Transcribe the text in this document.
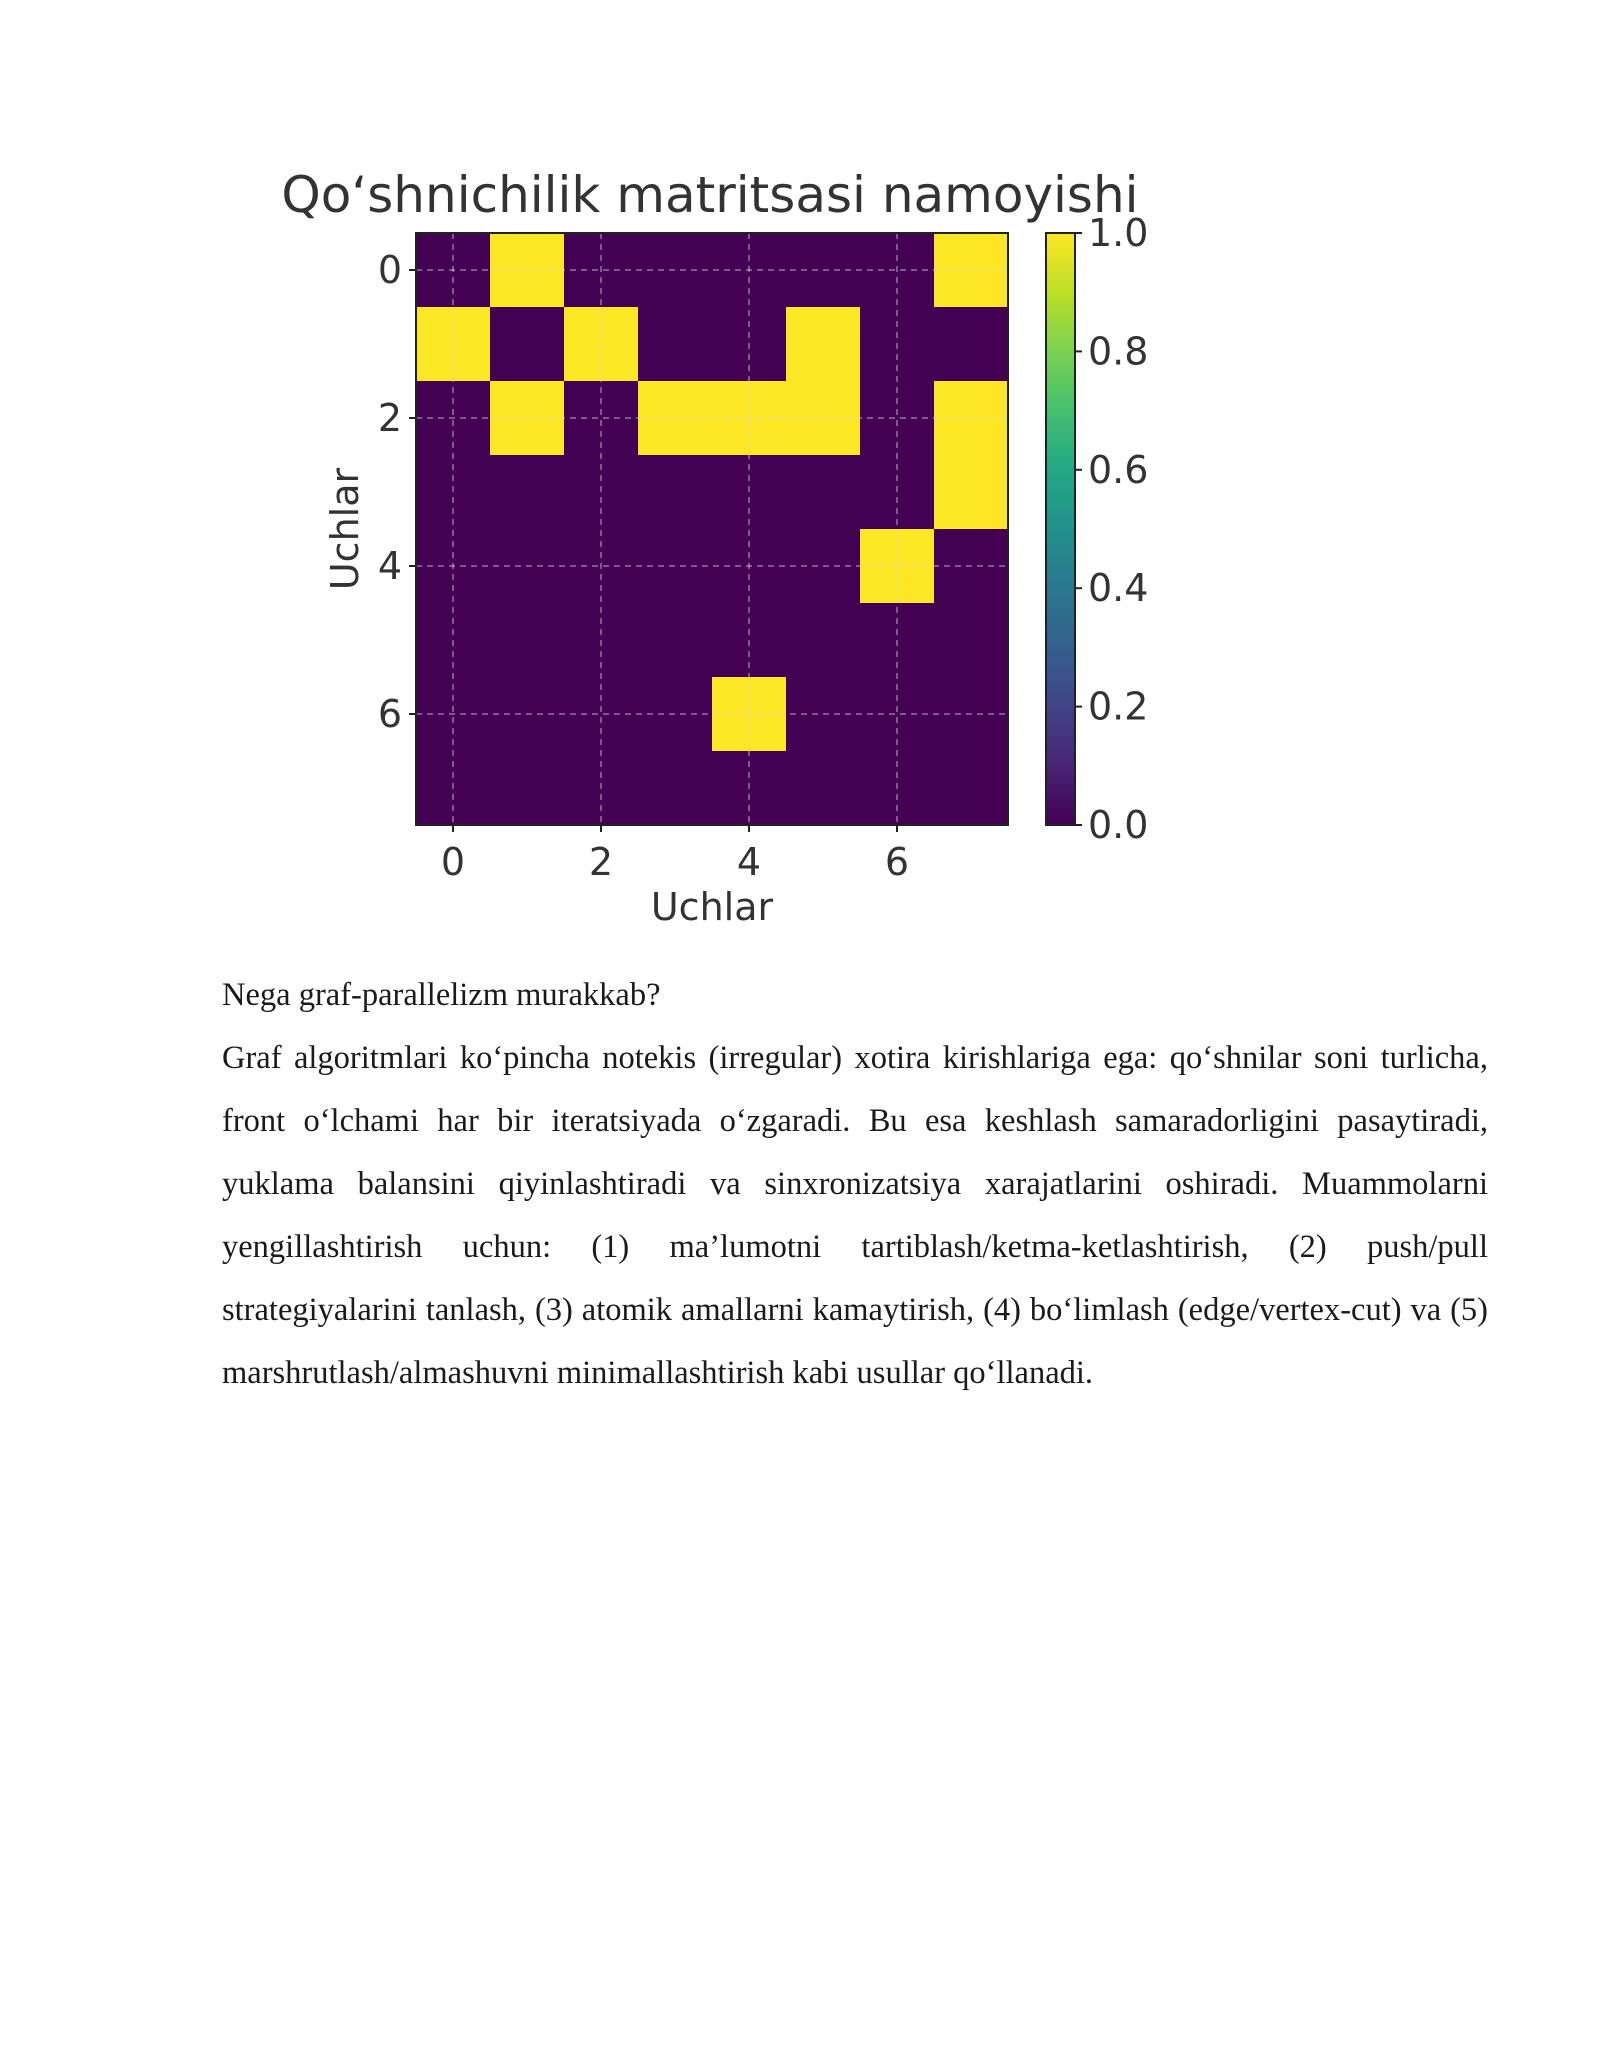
Qo‘shnichilik matritsasi namoyishi
0	2	4	6
0
2
4
6
Uchlar
Uchlar
0.0
0.2
0.4
0.6
0.8
1.0

Nega graf-parallelizm murakkab?

Graf algoritmlari ko‘pincha notekis (irregular) xotira kirishlariga ega: qo‘shnilar soni turlicha, front o‘lchami har bir iteratsiyada o‘zgaradi. Bu esa keshlash samaradorligini pasaytiradi, yuklama balansini qiyinlashtiradi va sinxronizatsiya xarajatlarini oshiradi. Muammolarni yengillashtirish uchun: (1) ma’lumotni tartiblash/ketma-ketlashtirish, (2) push/pull strategiyalarini tanlash, (3) atomik amallarni kamaytirish, (4) bo‘limlash (edge/vertex-cut) va (5) marshrutlash/almashuvni minimallashtirish kabi usullar qo‘llanadi.
